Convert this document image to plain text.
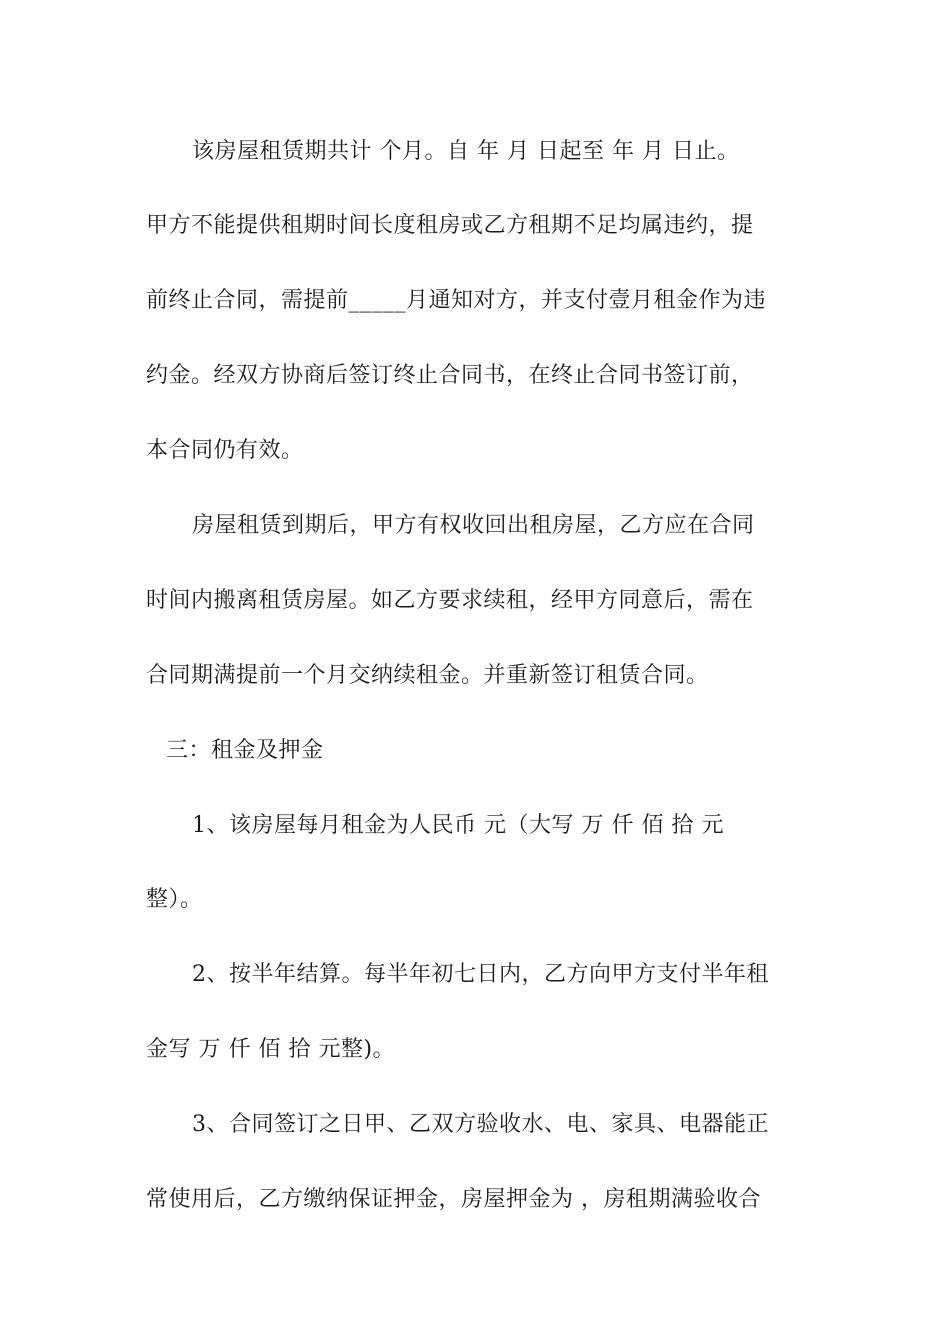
该房屋租赁期共计 个月。自 年 月 日起至 年 月 日止。
甲方不能提供租期时间长度租房或乙方租期不足均属违约，提
前终止合同，需提前_____月通知对方，并支付壹月租金作为违
约金。经双方协商后签订终止合同书，在终止合同书签订前，
本合同仍有效。
房屋租赁到期后，甲方有权收回出租房屋，乙方应在合同
时间内搬离租赁房屋。如乙方要求续租，经甲方同意后，需在
合同期满提前一个月交纳续租金。并重新签订租赁合同。
三：租金及押金
1、该房屋每月租金为人民币 元（大写 万 仟 佰 拾 元
整）。
2、按半年结算。每半年初七日内，乙方向甲方支付半年租
金写 万 仟 佰 拾 元整)。
3、合同签订之日甲、乙双方验收水、电、家具、电器能正
常使用后，乙方缴纳保证押金，房屋押金为 ，房租期满验收合
